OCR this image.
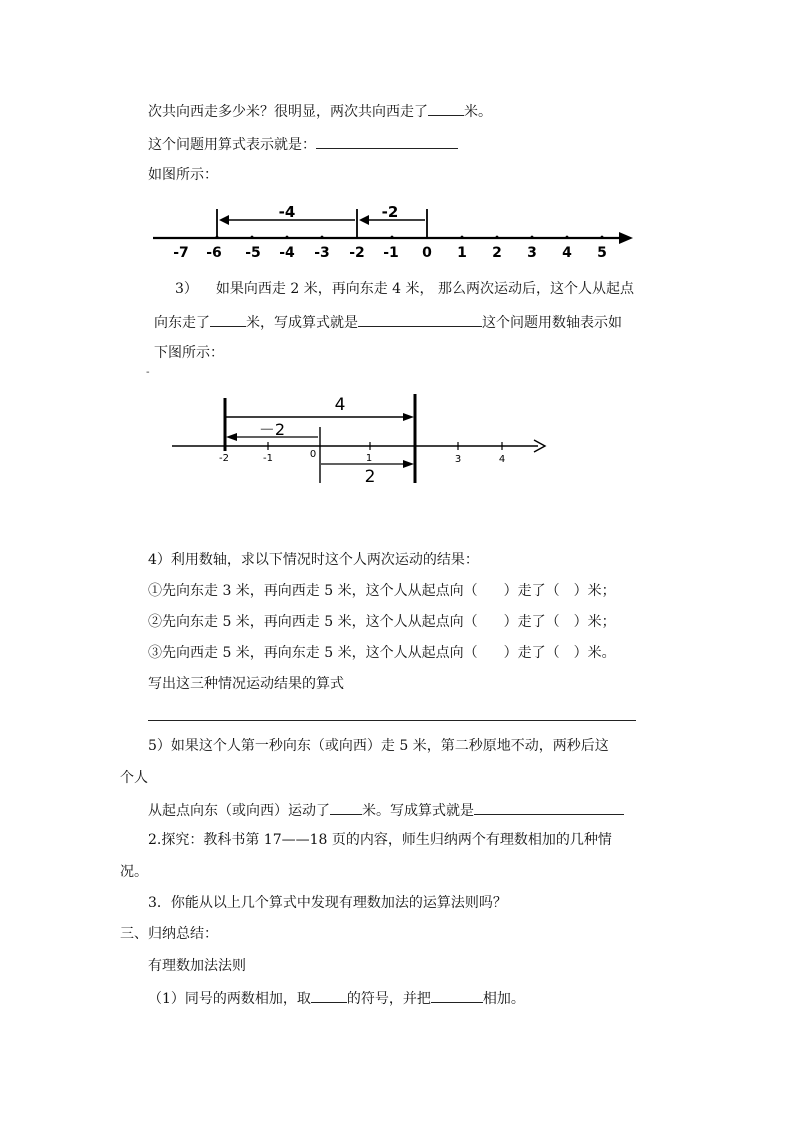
次共向西走多少米？很明显，两次共向西走了	米。
这个问题用算式表示就是：
如图所示：
-4	-2
-7 -6 -5 -4 -3 -2 -1 0 1 2 3 4 5
3） 如果向西走 2 米，再向东走 4 米， 那么两次运动后，这个人从起点
向东走了	米，写成算式就是	这个问题用数轴表示如
下图所示：
-
4
－2
2
-2	-1	0	1	3	4
4）利用数轴，求以下情况时这个人两次运动的结果：
①先向东走 3 米，再向西走 5 米，这个人从起点向（ ）走了（ ）米；
②先向东走 5 米，再向西走 5 米，这个人从起点向（ ）走了（ ）米；
③先向西走 5 米，再向东走 5 米，这个人从起点向（ ）走了（ ）米。
写出这三种情况运动结果的算式
5）如果这个人第一秒向东（或向西）走 5 米，第二秒原地不动，两秒后这
个人
从起点向东（或向西）运动了 米。写成算式就是
2.探究：教科书第 17——18 页的内容，师生归纳两个有理数相加的几种情
况。
3．你能从以上几个算式中发现有理数加法的运算法则吗？
三、归纳总结：
有理数加法法则
（1）同号的两数相加，取	的符号，并把	相加。
